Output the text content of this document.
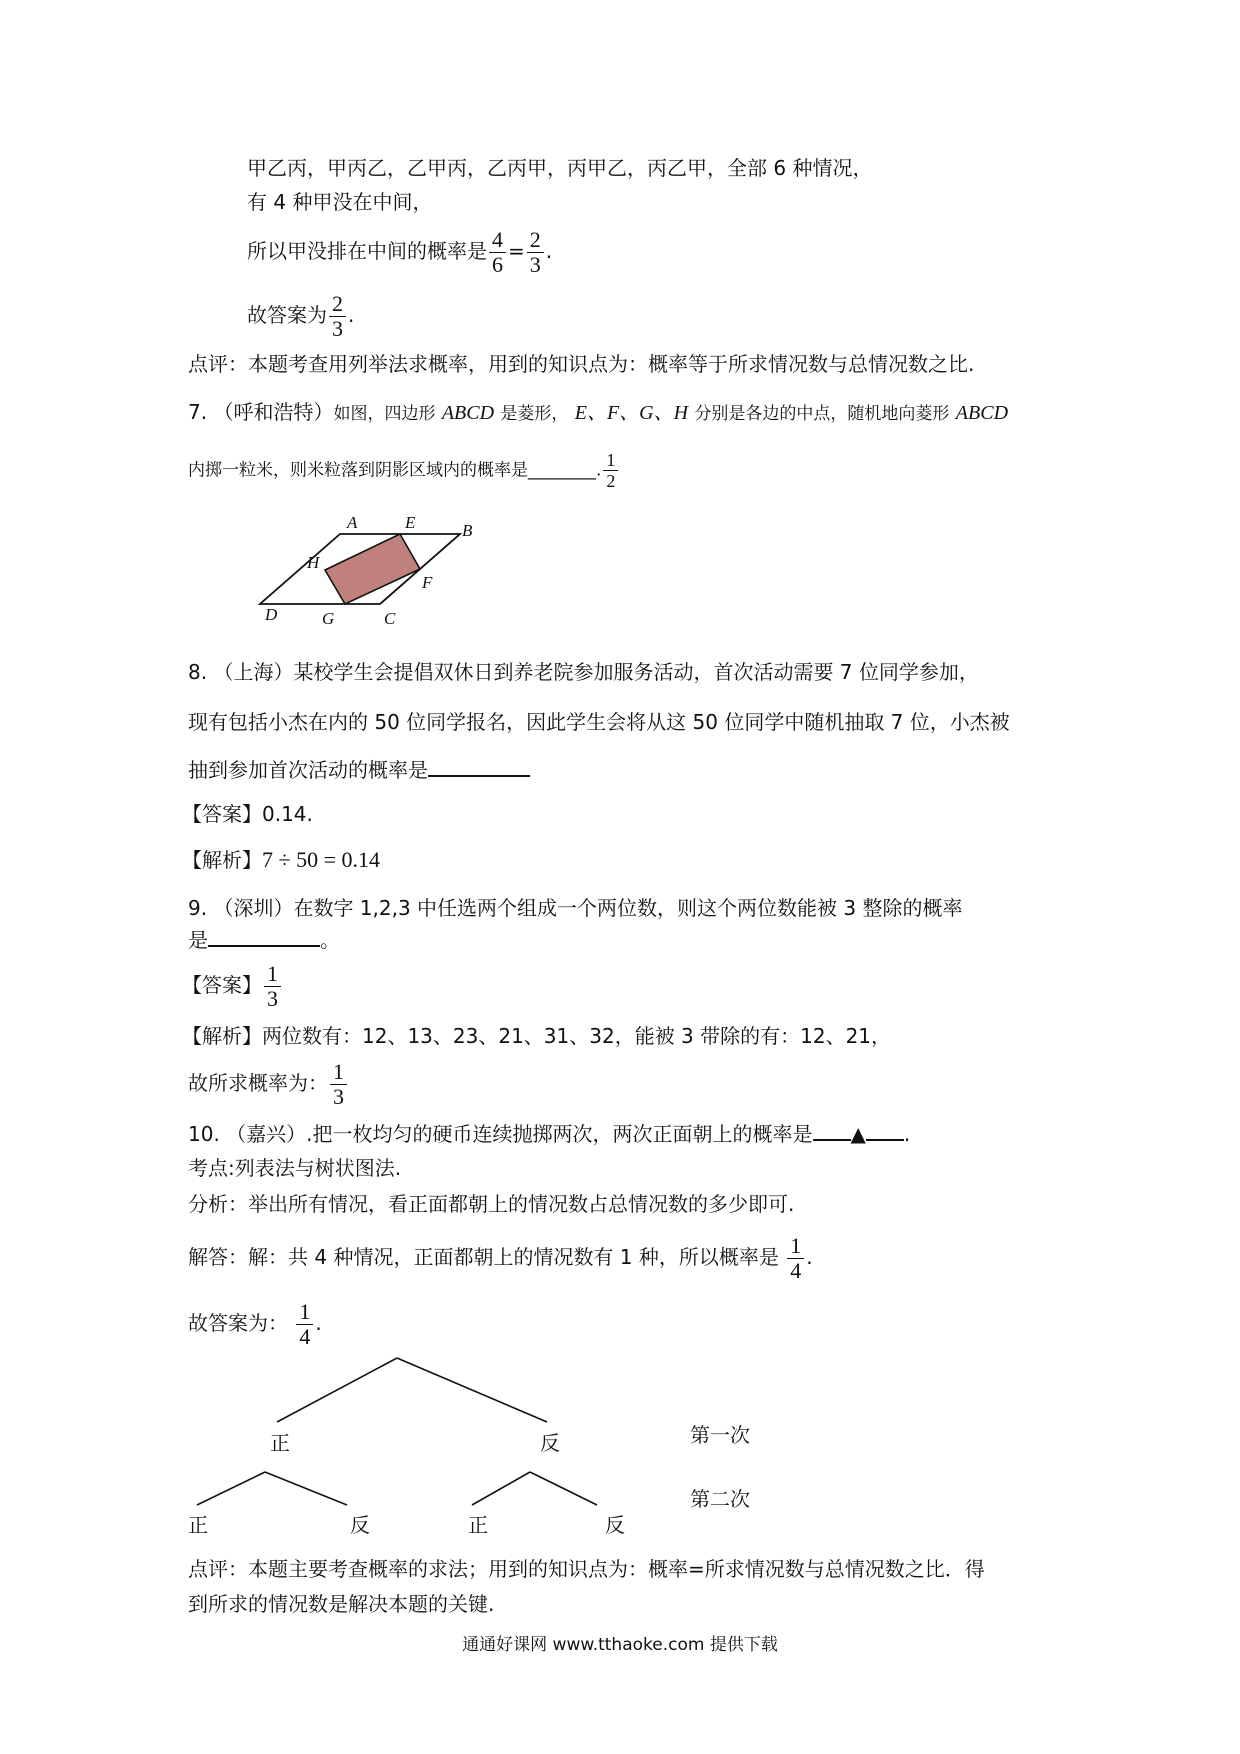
甲乙丙，甲丙乙，乙甲丙，乙丙甲，丙甲乙，丙乙甲，全部 6 种情况，
有 4 种甲没在中间，
所以甲没排在中间的概率是 $\frac{4}{6} = \frac{2}{3}$ .
故答案为 $\frac{2}{3}$ .
点评：本题考查用列举法求概率，用到的知识点为：概率等于所求情况数与总情况数之比.
7. （呼和浩特）如图，四边形 ABCD 是菱形， E、F、G、H 分别是各边的中点，随机地向菱形 ABCD
内掷一粒米，则米粒落到阴影区域内的概率是________. $\frac{1}{2}$
A	E	B
H
F
D	G	C
8. （上海）某校学生会提倡双休日到养老院参加服务活动，首次活动需要 7 位同学参加，
现有包括小杰在内的 50 位同学报名，因此学生会将从这 50 位同学中随机抽取 7 位，小杰被
抽到参加首次活动的概率是
【答案】0.14.
【解析】7 ÷ 50 = 0.14
9. （深圳）在数字 1,2,3 中任选两个组成一个两位数，则这个两位数能被 3 整除的概率
是	。
【答案】 $\frac{1}{3}$
【解析】两位数有：12、13、23、21、31、32，能被 3 带除的有：12、21，
故所求概率为： $\frac{1}{3}$
10. （嘉兴）.把一枚均匀的硬币连续抛掷两次，两次正面朝上的概率是 ▲ .
考点:列表法与树状图法.
分析：举出所有情况，看正面都朝上的情况数占总情况数的多少即可.
解答：解：共 4 种情况，正面都朝上的情况数有 1 种，所以概率是 $\frac{1}{4}$ .
故答案为： $\frac{1}{4}$ .
正	反	第一次
正	反	正	反
第二次
点评：本题主要考查概率的求法；用到的知识点为：概率=所求情况数与总情况数之比．得
到所求的情况数是解决本题的关键.
通通好课网 www.tthaoke.com 提供下载
